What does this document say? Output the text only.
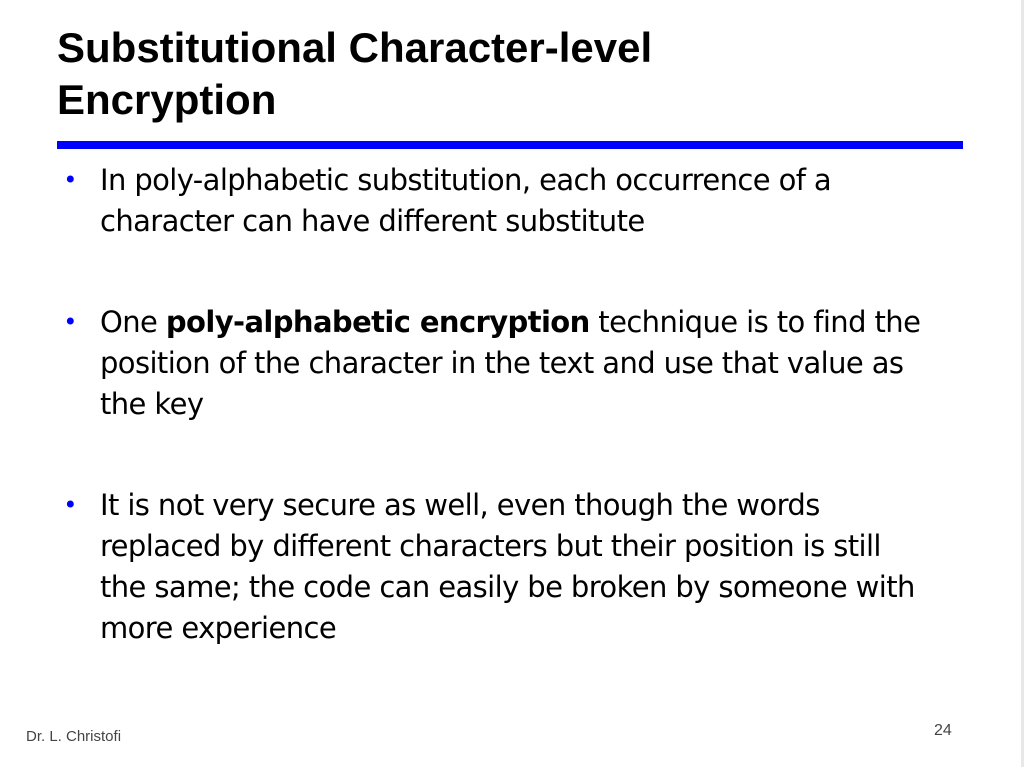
Substitutional Character-level
Encryption
• In poly-alphabetic substitution, each occurrence of a character can have different substitute
• One poly-alphabetic encryption technique is to find the position of the character in the text and use that value as the key
• It is not very secure as well, even though the words replaced by different characters but their position is still the same; the code can easily be broken by someone with more experience
Dr. L. Christofi	24
